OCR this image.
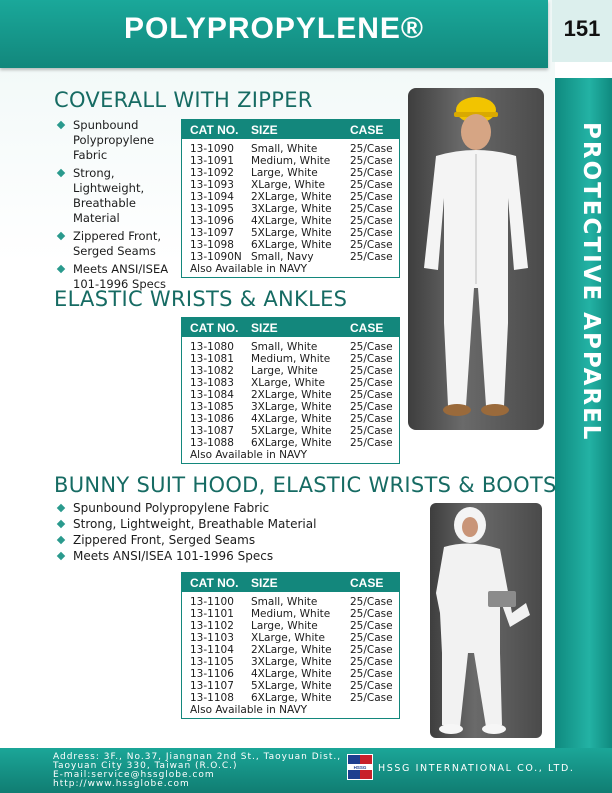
POLYPROPYLENE®	151
PROTECTIVE APPAREL
COVERALL WITH ZIPPER
Spunbound Polypropylene Fabric
Strong, Lightweight, Breathable Material
Zippered Front, Serged Seams
Meets ANSI/ISEA 101-1996 Specs
CAT NO. SIZE	CASE
13-1090 Small, White	25/Case
13-1091 Medium, White 25/Case
13-1092 Large, White	25/Case
13-1093 XLarge, White 25/Case
13-1094 2XLarge, White 25/Case
13-1095 3XLarge, White 25/Case
13-1096 4XLarge, White 25/Case
13-1097 5XLarge, White 25/Case
13-1098 6XLarge, White 25/Case
13-1090N Small, Navy	25/Case
Also Available in NAVY
ELASTIC WRISTS & ANKLES
CAT NO. SIZE	CASE
13-1080 Small, White	25/Case
13-1081 Medium, White 25/Case
13-1082 Large, White	25/Case
13-1083 XLarge, White 25/Case
13-1084 2XLarge, White 25/Case
13-1085 3XLarge, White 25/Case
13-1086 4XLarge, White 25/Case
13-1087 5XLarge, White 25/Case
13-1088 6XLarge, White 25/Case
Also Available in NAVY
BUNNY SUIT HOOD, ELASTIC WRISTS & BOOTS
Spunbound Polypropylene Fabric
Strong, Lightweight, Breathable Material
Zippered Front, Serged Seams
Meets ANSI/ISEA 101-1996 Specs
CAT NO. SIZE	CASE
13-1100 Small, White	25/Case
13-1101 Medium, White 25/Case
13-1102 Large, White	25/Case
13-1103 XLarge, White 25/Case
13-1104 2XLarge, White 25/Case
13-1105 3XLarge, White 25/Case
13-1106 4XLarge, White 25/Case
13-1107 5XLarge, White 25/Case
13-1108 6XLarge, White 25/Case
Also Available in NAVY
Address: 3F., No.37, Jiangnan 2nd St., Taoyuan Dist.,
Taoyuan City 330, Taiwan (R.O.C.)
E-mail:service@hssglobe.com
http://www.hssglobe.com
HSSG HSSG INTERNATIONAL CO., LTD.
